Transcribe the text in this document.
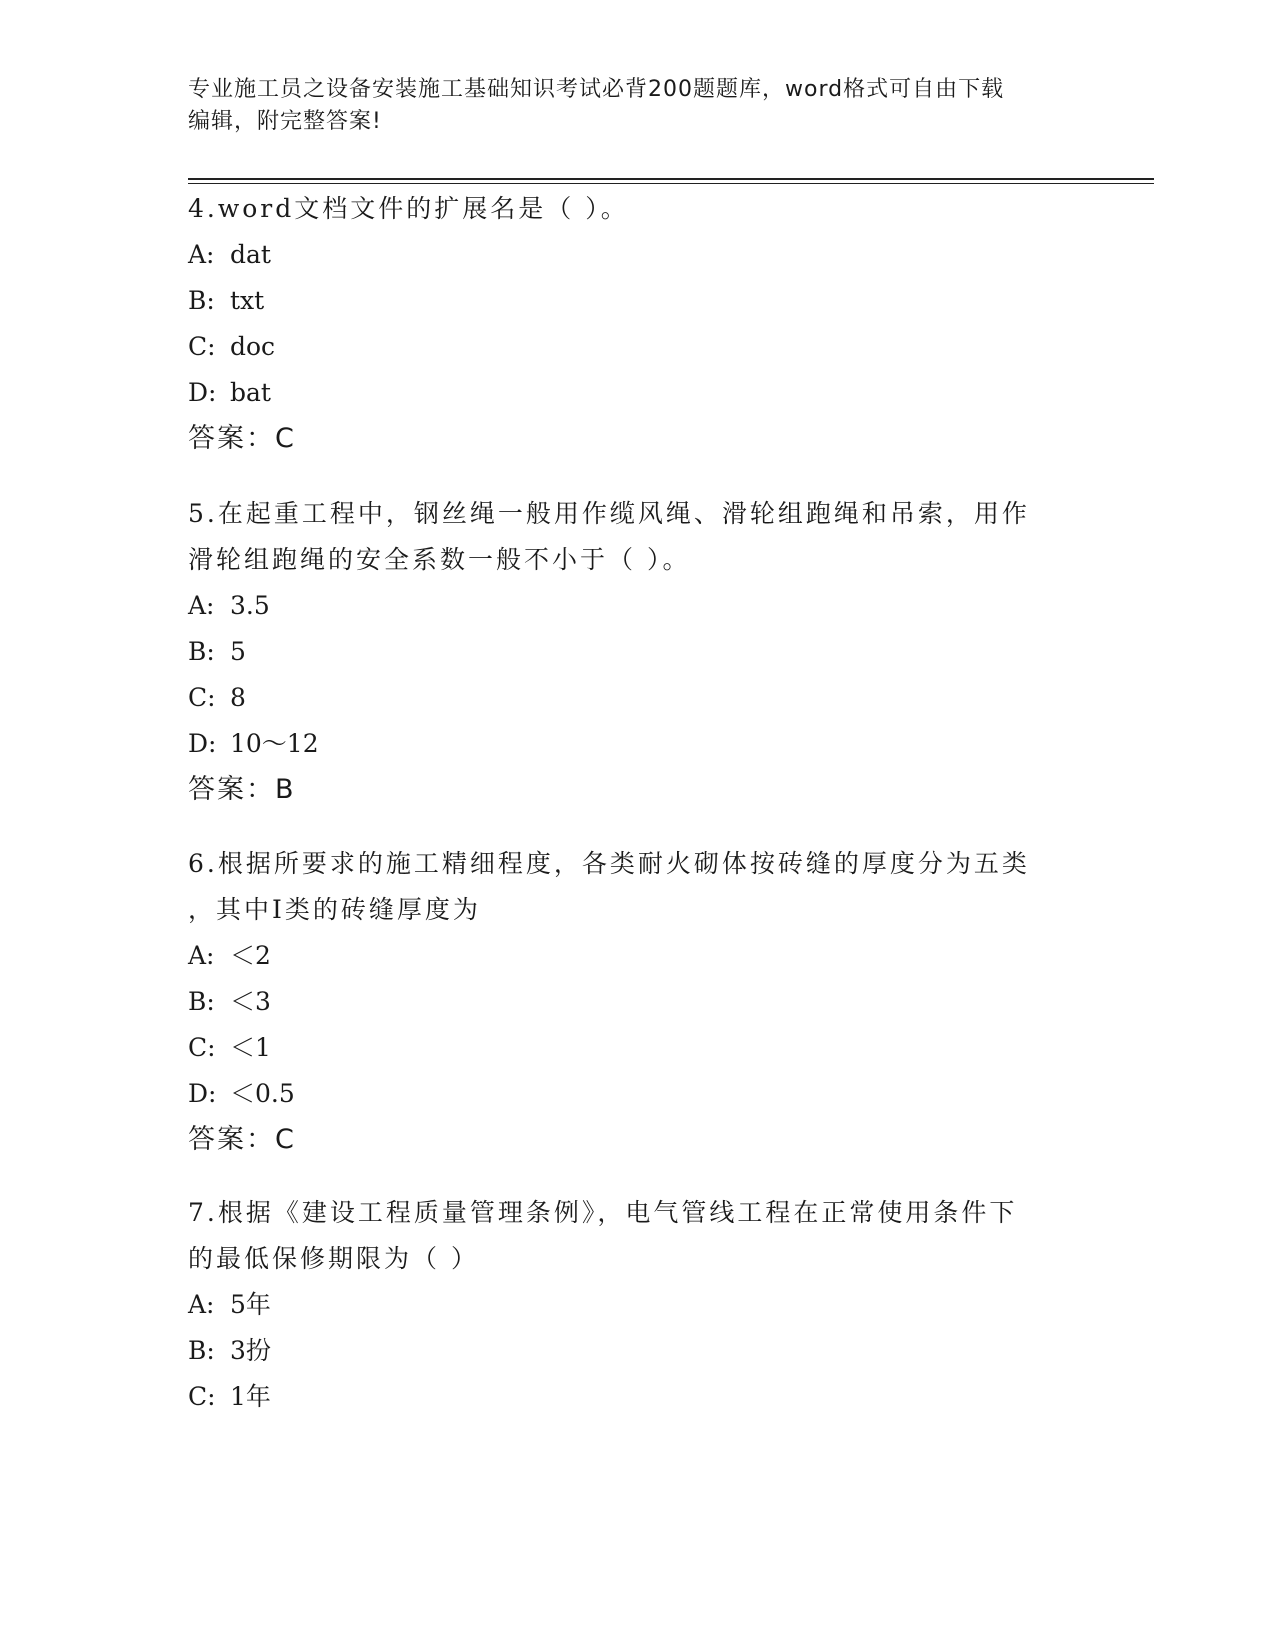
专业施工员之设备安装施工基础知识考试必背200题题库，word格式可自由下载
编辑，附完整答案!
4.word文档文件的扩展名是（ ）。
A: dat
B: txt
C: doc
D: bat
答案：C
5.在起重工程中，钢丝绳一般用作缆风绳、滑轮组跑绳和吊索，用作
滑轮组跑绳的安全系数一般不小于（ ）。
A: 3.5
B: 5
C: 8
D: 10～12
答案：B
6.根据所要求的施工精细程度，各类耐火砌体按砖缝的厚度分为五类
，其中Ⅰ类的砖缝厚度为
A: ＜2
B: ＜3
C: ＜1
D: ＜0.5
答案：C
7.根据《建设工程质量管理条例》，电气管线工程在正常使用条件下
的最低保修期限为（ ）
A: 5年
B: 3扮
C: 1年
